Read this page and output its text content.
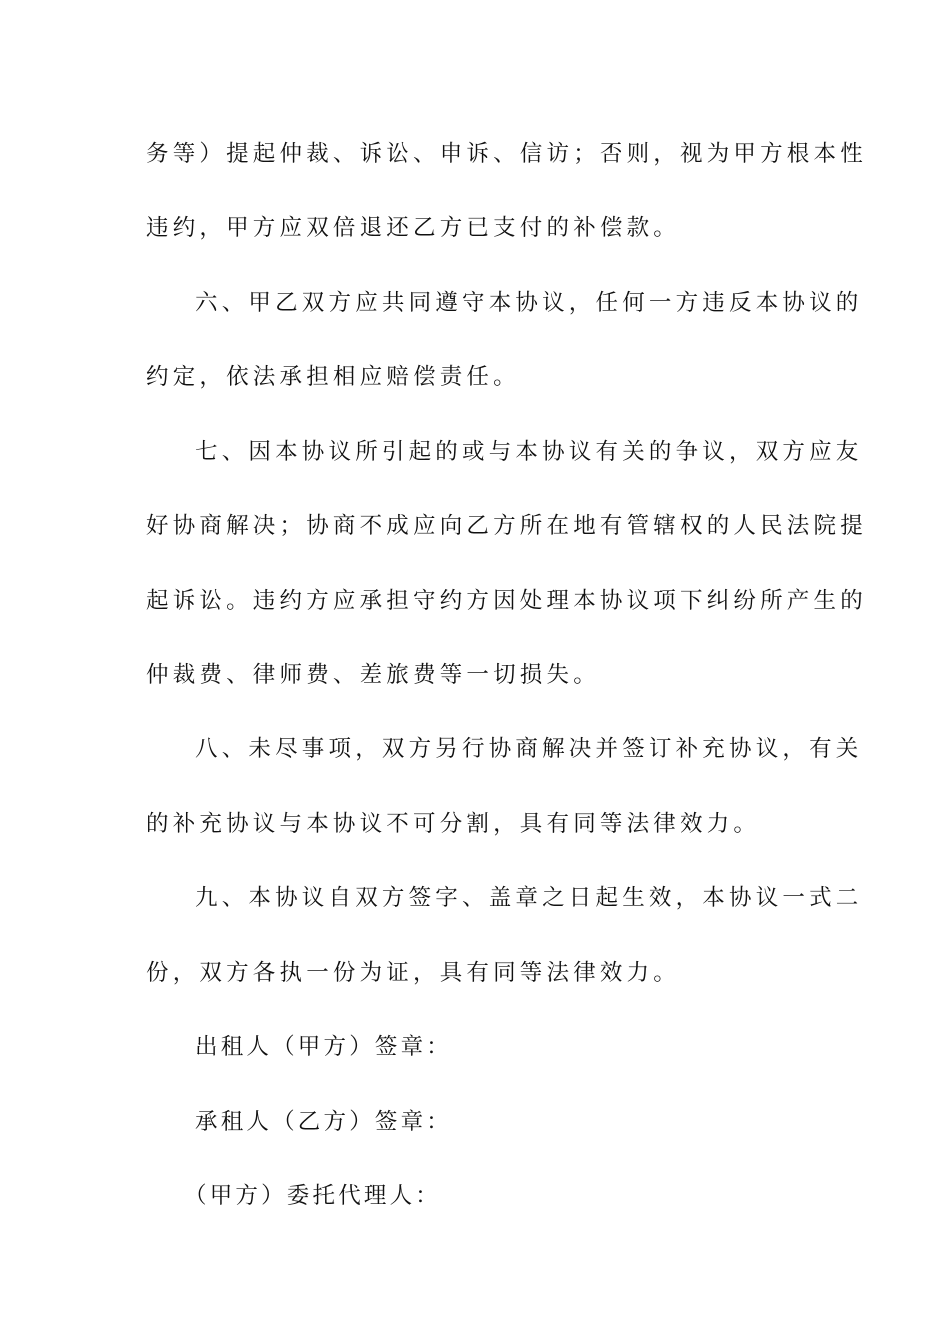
务等）提起仲裁、诉讼、申诉、信访；否则，视为甲方根本性
违约，甲方应双倍退还乙方已支付的补偿款。
六、甲乙双方应共同遵守本协议，任何一方违反本协议的
约定，依法承担相应赔偿责任。
七、因本协议所引起的或与本协议有关的争议，双方应友
好协商解决；协商不成应向乙方所在地有管辖权的人民法院提
起诉讼。违约方应承担守约方因处理本协议项下纠纷所产生的
仲裁费、律师费、差旅费等一切损失。
八、未尽事项，双方另行协商解决并签订补充协议，有关
的补充协议与本协议不可分割，具有同等法律效力。
九、本协议自双方签字、盖章之日起生效，本协议一式二
份，双方各执一份为证，具有同等法律效力。
出租人（甲方）签章：
承租人（乙方）签章：
（甲方）委托代理人：
